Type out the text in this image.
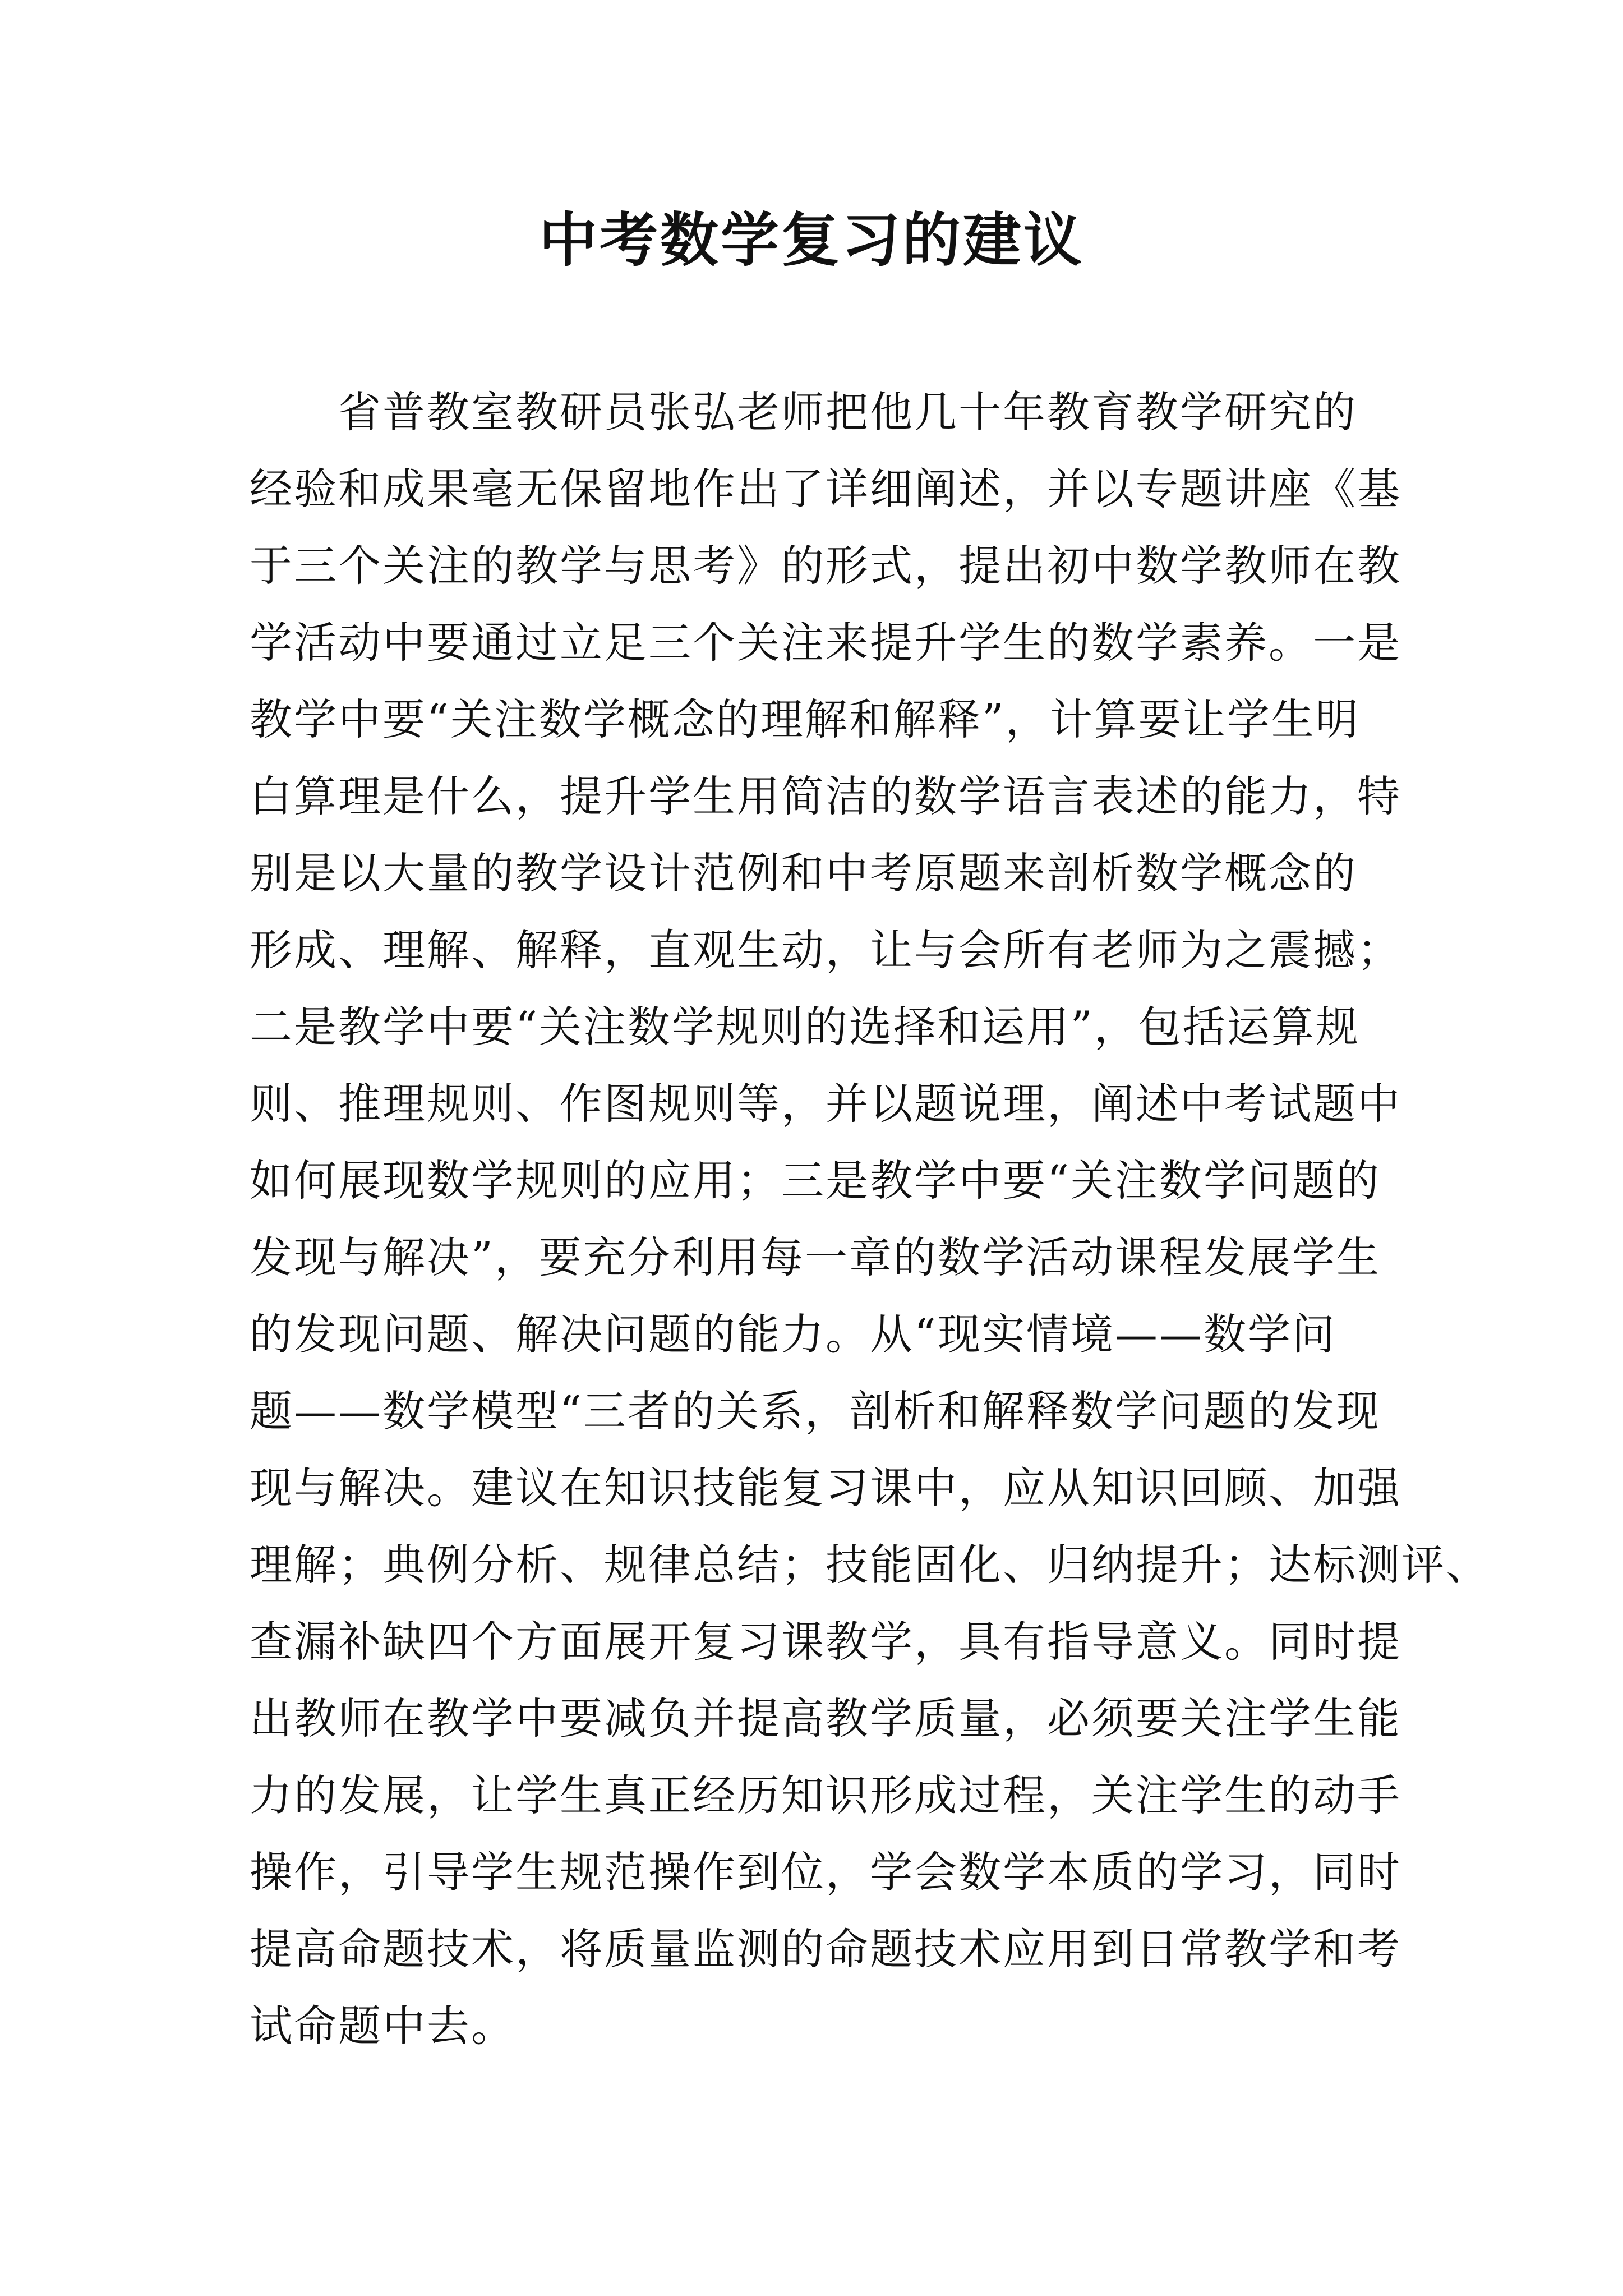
中考数学复习的建议

　　省普教室教研员张弘老师把他几十年教育教学研究的

经验和成果毫无保留地作出了详细阐述，并以专题讲座《基

于三个关注的教学与思考》的形式，提出初中数学教师在教

学活动中要通过立足三个关注来提升学生的数学素养。一是

教学中要“关注数学概念的理解和解释”，计算要让学生明

白算理是什么，提升学生用简洁的数学语言表述的能力，特

别是以大量的教学设计范例和中考原题来剖析数学概念的

形成、理解、解释，直观生动，让与会所有老师为之震撼；

二是教学中要“关注数学规则的选择和运用”，包括运算规

则、推理规则、作图规则等，并以题说理，阐述中考试题中

如何展现数学规则的应用；三是教学中要“关注数学问题的

发现与解决”，要充分利用每一章的数学活动课程发展学生

的发现问题、解决问题的能力。从“现实情境——数学问

题——数学模型“三者的关系，剖析和解释数学问题的发现

现与解决。建议在知识技能复习课中，应从知识回顾、加强

理解；典例分析、规律总结；技能固化、归纳提升；达标测评、

查漏补缺四个方面展开复习课教学，具有指导意义。同时提

出教师在教学中要减负并提高教学质量，必须要关注学生能

力的发展，让学生真正经历知识形成过程，关注学生的动手

操作，引导学生规范操作到位，学会数学本质的学习，同时

提高命题技术，将质量监测的命题技术应用到日常教学和考

试命题中去。
